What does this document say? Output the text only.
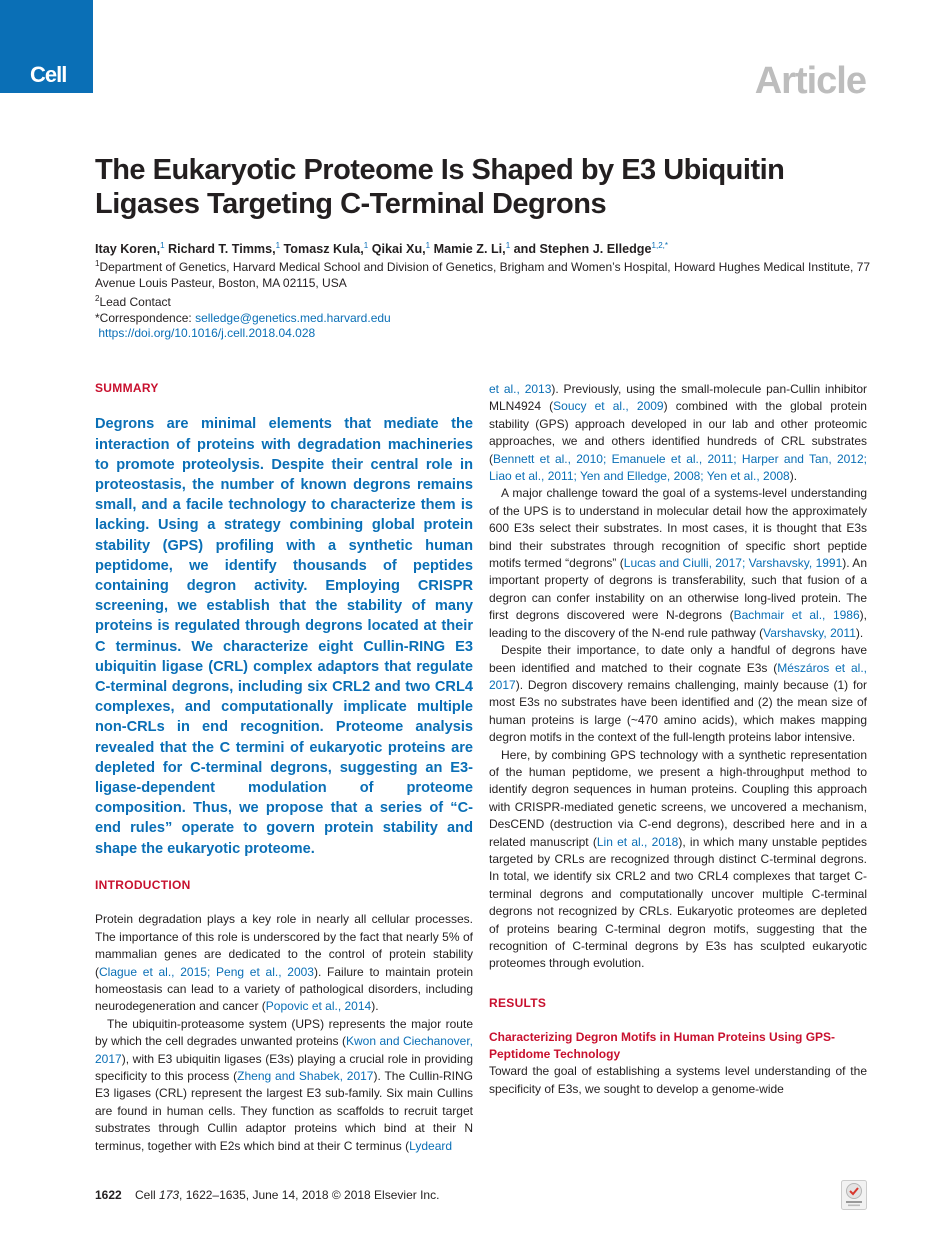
Cell	Article
The Eukaryotic Proteome Is Shaped by E3 Ubiquitin Ligases Targeting C-Terminal Degrons
Itay Koren,$^1$ Richard T. Timms,$^1$ Tomasz Kula,$^1$ Qikai Xu,$^1$ Mamie Z. Li,$^1$ and Stephen J. Elledge$^{1,2,*}$
$^1$Department of Genetics, Harvard Medical School and Division of Genetics, Brigham and Women’s Hospital, Howard Hughes Medical Institute, 77 Avenue Louis Pasteur, Boston, MA 02115, USA
$^2$Lead Contact
*Correspondence: selledge@genetics.med.harvard.edu
https://doi.org/10.1016/j.cell.2018.04.028
SUMMARY

Degrons are minimal elements that mediate the interaction of proteins with degradation machineries to promote proteolysis. Despite their central role in proteostasis, the number of known degrons remains small, and a facile technology to characterize them is lacking. Using a strategy combining global protein stability (GPS) profiling with a synthetic human peptidome, we identify thousands of peptides containing degron activity. Employing CRISPR screening, we establish that the stability of many proteins is regulated through degrons located at their C terminus. We characterize eight Cullin-RING E3 ubiquitin ligase (CRL) complex adaptors that regulate C-terminal degrons, including six CRL2 and two CRL4 complexes, and computationally implicate multiple non-CRLs in end recognition. Proteome analysis revealed that the C termini of eukaryotic proteins are depleted for C-terminal degrons, suggesting an E3-ligase-dependent modulation of proteome composition. Thus, we propose that a series of “C-end rules” operate to govern protein stability and shape the eukaryotic proteome.

INTRODUCTION

Protein degradation plays a key role in nearly all cellular processes. The importance of this role is underscored by the fact that nearly 5% of mammalian genes are dedicated to the control of protein stability (Clague et al., 2015; Peng et al., 2003). Failure to maintain protein homeostasis can lead to a variety of pathological disorders, including neurodegeneration and cancer (Popovic et al., 2014).

The ubiquitin-proteasome system (UPS) represents the major route by which the cell degrades unwanted proteins (Kwon and Ciechanover, 2017), with E3 ubiquitin ligases (E3s) playing a crucial role in providing specificity to this process (Zheng and Shabek, 2017). The Cullin-RING E3 ligases (CRL) represent the largest E3 sub-family. Six main Cullins are found in human cells. They function as scaffolds to recruit target substrates through Cullin adaptor proteins which bind at their N terminus, together with E2s which bind at their C terminus (Lydeard

et al., 2013). Previously, using the small-molecule pan-Cullin inhibitor MLN4924 (Soucy et al., 2009) combined with the global protein stability (GPS) approach developed in our lab and other proteomic approaches, we and others identified hundreds of CRL substrates (Bennett et al., 2010; Emanuele et al., 2011; Harper and Tan, 2012; Liao et al., 2011; Yen and Elledge, 2008; Yen et al., 2008).

A major challenge toward the goal of a systems-level understanding of the UPS is to understand in molecular detail how the approximately 600 E3s select their substrates. In most cases, it is thought that E3s bind their substrates through recognition of specific short peptide motifs termed “degrons” (Lucas and Ciulli, 2017; Varshavsky, 1991). An important property of degrons is transferability, such that fusion of a degron can confer instability on an otherwise long-lived protein. The first degrons discovered were N-degrons (Bachmair et al., 1986), leading to the discovery of the N-end rule pathway (Varshavsky, 2011).

Despite their importance, to date only a handful of degrons have been identified and matched to their cognate E3s (Mészáros et al., 2017). Degron discovery remains challenging, mainly because (1) for most E3s no substrates have been identified and (2) the mean size of human proteins is large (~470 amino acids), which makes mapping degron motifs in the context of the full-length proteins labor intensive.

Here, by combining GPS technology with a synthetic representation of the human peptidome, we present a high-throughput method to identify degron sequences in human proteins. Coupling this approach with CRISPR-mediated genetic screens, we uncovered a mechanism, DesCEND (destruction via C-end degrons), described here and in a related manuscript (Lin et al., 2018), in which many unstable peptides targeted by CRLs are recognized through distinct C-terminal degrons. In total, we identify six CRL2 and two CRL4 complexes that target C-terminal degrons and computationally uncover multiple C-terminal degrons not recognized by CRLs. Eukaryotic proteomes are depleted of proteins bearing C-terminal degron motifs, suggesting that the recognition of C-terminal degrons by E3s has sculpted eukaryotic proteomes through evolution.

RESULTS
Characterizing Degron Motifs in Human Proteins Using GPS-Peptidome Technology

Toward the goal of establishing a systems level understanding of the specificity of E3s, we sought to develop a genome-wide

1622 Cell 173, 1622–1635, June 14, 2018 © 2018 Elsevier Inc.
